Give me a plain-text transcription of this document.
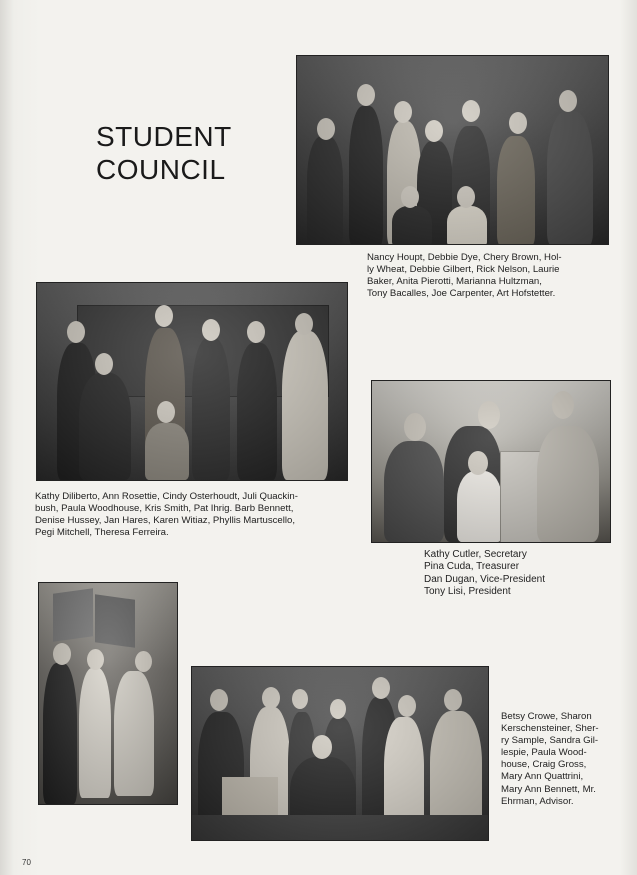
STUDENT
COUNCIL
Nancy Houpt, Debbie Dye, Chery Brown, Hol-
ly Wheat, Debbie Gilbert, Rick Nelson, Laurie
Baker, Anita Pierotti, Marianna Hultzman,
Tony Bacalles, Joe Carpenter, Art Hofstetter.
Kathy Diliberto, Ann Rosettie, Cindy Osterhoudt, Juli Quackin-
bush, Paula Woodhouse, Kris Smith, Pat Ihrig. Barb Bennett,
Denise Hussey, Jan Hares, Karen Witiaz, Phyllis Martuscello,
Pegi Mitchell, Theresa Ferreira.
Kathy Cutler, Secretary
Pina Cuda, Treasurer
Dan Dugan, Vice-President
Tony Lisi, President
Betsy Crowe, Sharon
Kerschensteiner, Sher-
ry Sample, Sandra Gil-
lespie, Paula Wood-
house, Craig Gross,
Mary Ann Quattrini,
Mary Ann Bennett, Mr.
Ehrman, Advisor.
70
